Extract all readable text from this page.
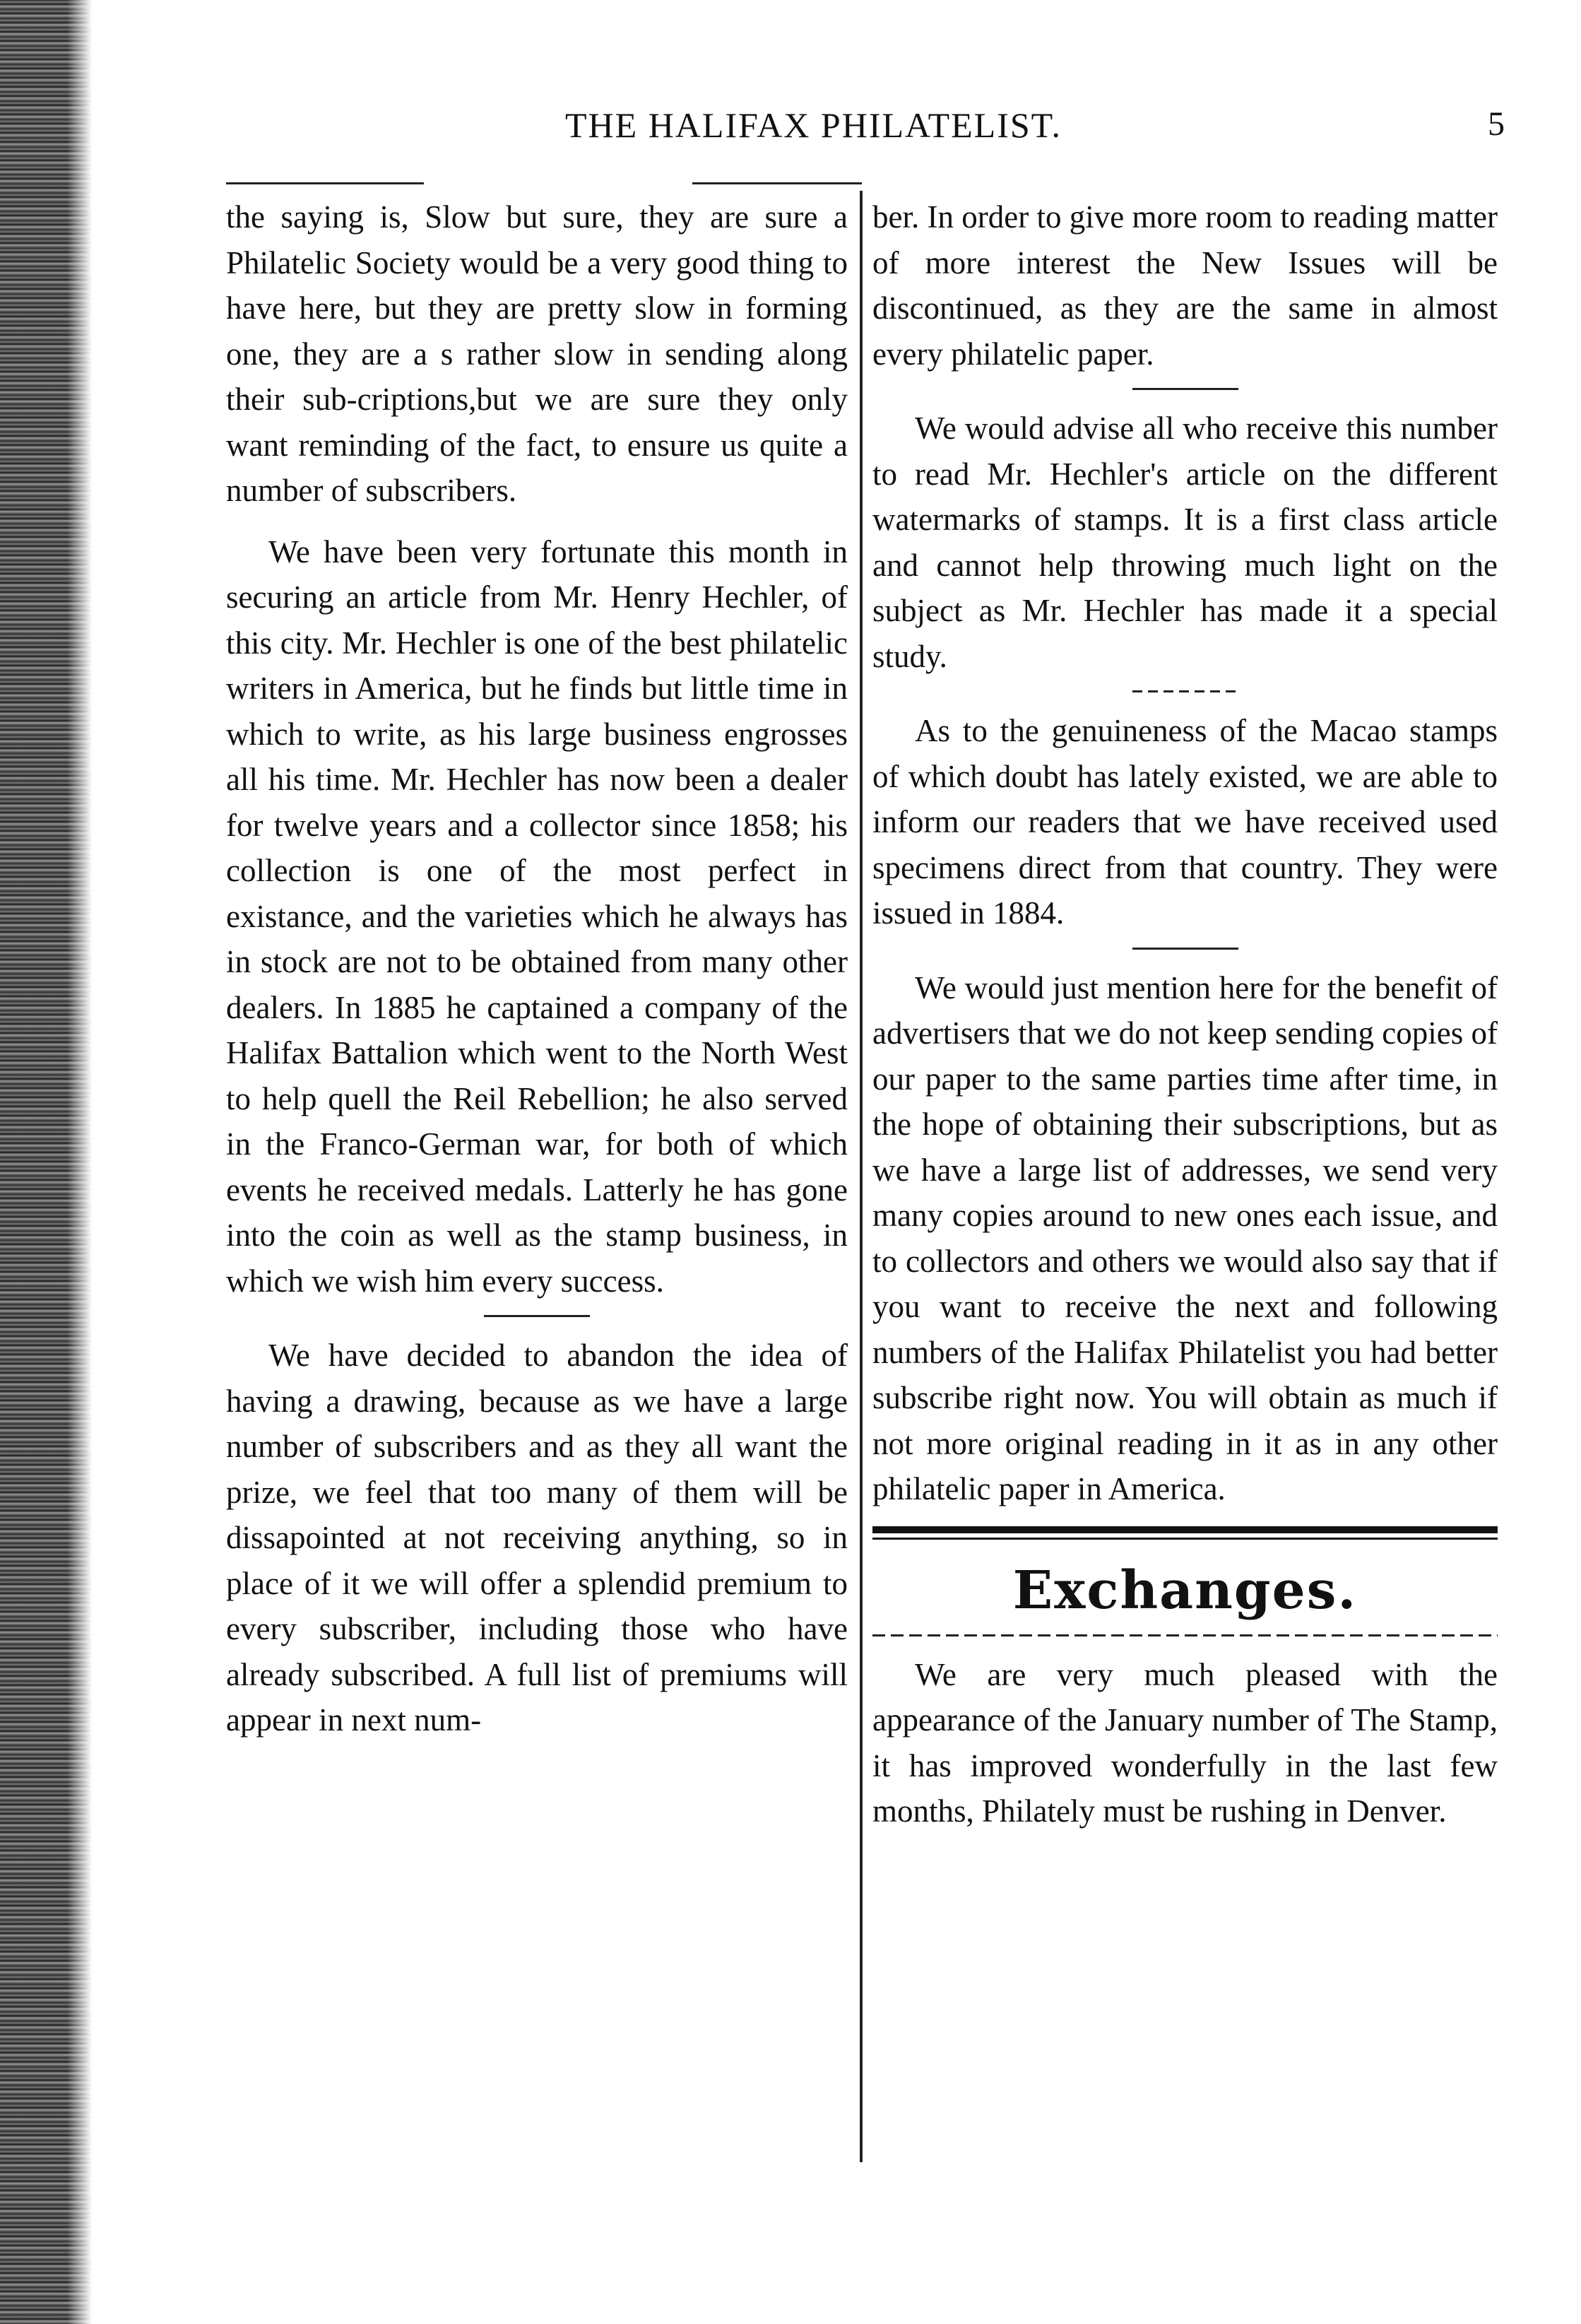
THE HALIFAX PHILATELIST.	5

the saying is, Slow but sure, they are sure a Philatelic Society would be a very good thing to have here, but they are pretty slow in forming one, they are a s rather slow in sending along their sub-criptions,but we are sure they only want reminding of the fact, to ensure us quite a number of subscribers.

We have been very fortunate this month in securing an article from Mr. Henry Hechler, of this city. Mr. Hechler is one of the best philatelic writers in America, but he finds but little time in which to write, as his large business engrosses all his time. Mr. Hechler has now been a dealer for twelve years and a collector since 1858; his collection is one of the most perfect in existance, and the varieties which he always has in stock are not to be obtained from many other dealers. In 1885 he captained a company of the Halifax Battalion which went to the North West to help quell the Reil Rebellion; he also served in the Franco-German war, for both of which events he received medals. Latterly he has gone into the coin as well as the stamp business, in which we wish him every success.

We have decided to abandon the idea of having a drawing, because as we have a large number of subscribers and as they all want the prize, we feel that too many of them will be dissapointed at not receiving anything, so in place of it we will offer a splendid premium to every subscriber, including those who have already subscribed. A full list of premiums will appear in next num-

ber. In order to give more room to reading matter of more interest the New Issues will be discontinued, as they are the same in almost every philatelic paper.

We would advise all who receive this number to read Mr. Hechler's article on the different watermarks of stamps. It is a first class article and cannot help throwing much light on the subject as Mr. Hechler has made it a special study.

As to the genuineness of the Macao stamps of which doubt has lately existed, we are able to inform our readers that we have received used specimens direct from that country. They were issued in 1884.

We would just mention here for the benefit of advertisers that we do not keep sending copies of our paper to the same parties time after time, in the hope of obtaining their subscriptions, but as we have a large list of addresses, we send very many copies around to new ones each issue, and to collectors and others we would also say that if you want to receive the next and following numbers of the Halifax Philatelist you had better subscribe right now. You will obtain as much if not more original reading in it as in any other philatelic paper in America.

Exchanges.

We are very much pleased with the appearance of the January number of The Stamp, it has improved wonderfully in the last few months, Philately must be rushing in Denver.
